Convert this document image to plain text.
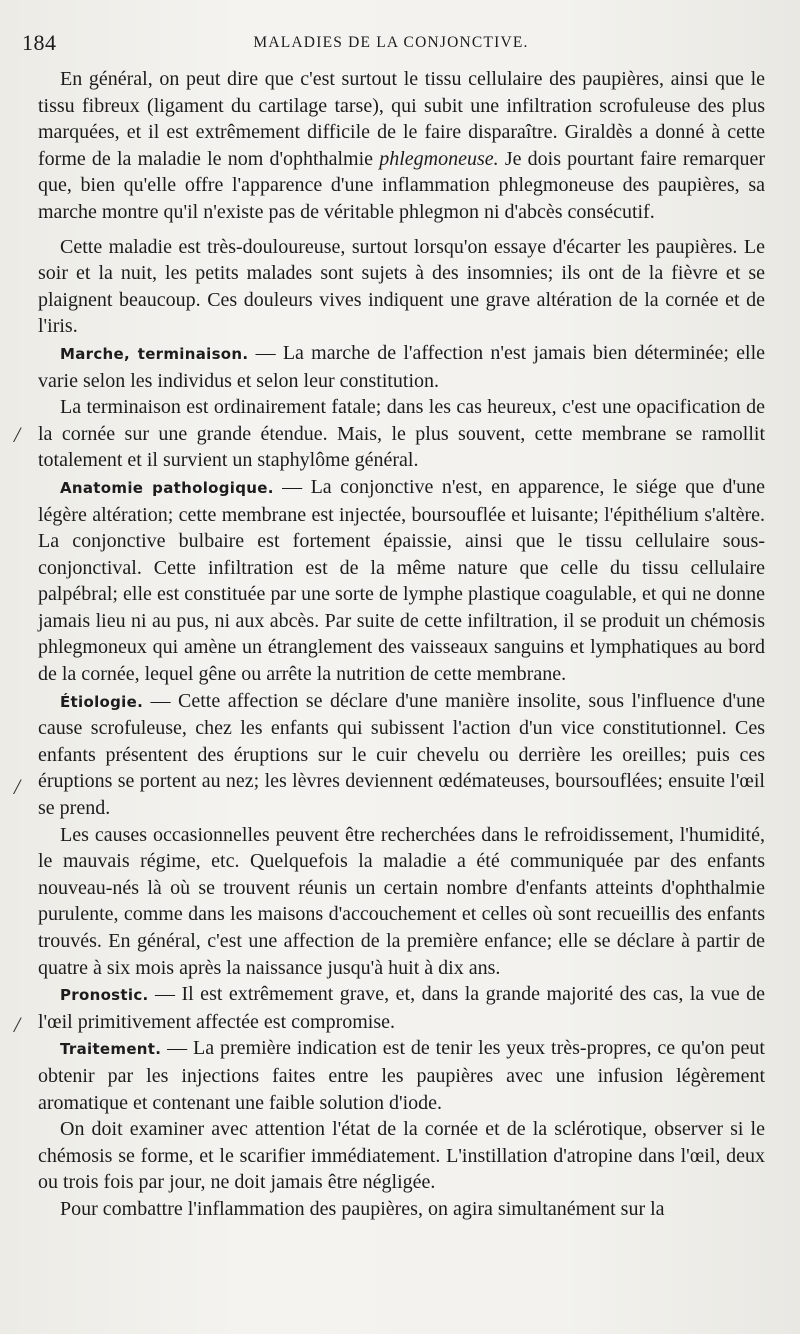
184	MALADIES DE LA CONJONCTIVE.
/
/
/

En général, on peut dire que c'est surtout le tissu cellulaire des paupières, ainsi que le tissu fibreux (ligament du cartilage tarse), qui subit une infiltration scrofuleuse des plus marquées, et il est extrêmement difficile de le faire disparaître. Giraldès a donné à cette forme de la maladie le nom d'ophthalmie phlegmoneuse. Je dois pourtant faire remarquer que, bien qu'elle offre l'apparence d'une inflammation phlegmoneuse des paupières, sa marche montre qu'il n'existe pas de véritable phlegmon ni d'abcès consécutif.

Cette maladie est très-douloureuse, surtout lorsqu'on essaye d'écarter les paupières. Le soir et la nuit, les petits malades sont sujets à des insomnies; ils ont de la fièvre et se plaignent beaucoup. Ces douleurs vives indiquent une grave altération de la cornée et de l'iris.

Marche, terminaison. — La marche de l'affection n'est jamais bien déterminée; elle varie selon les individus et selon leur constitution.

La terminaison est ordinairement fatale; dans les cas heureux, c'est une opacification de la cornée sur une grande étendue. Mais, le plus souvent, cette membrane se ramollit totalement et il survient un staphylôme général.

Anatomie pathologique. — La conjonctive n'est, en apparence, le siége que d'une légère altération; cette membrane est injectée, boursouflée et luisante; l'épithélium s'altère. La conjonctive bulbaire est fortement épaissie, ainsi que le tissu cellulaire sous-conjonctival. Cette infiltration est de la même nature que celle du tissu cellulaire palpébral; elle est constituée par une sorte de lymphe plastique coagulable, et qui ne donne jamais lieu ni au pus, ni aux abcès. Par suite de cette infiltration, il se produit un chémosis phlegmoneux qui amène un étranglement des vaisseaux sanguins et lymphatiques au bord de la cornée, lequel gêne ou arrête la nutrition de cette membrane.

Étiologie. — Cette affection se déclare d'une manière insolite, sous l'influence d'une cause scrofuleuse, chez les enfants qui subissent l'action d'un vice constitutionnel. Ces enfants présentent des éruptions sur le cuir chevelu ou derrière les oreilles; puis ces éruptions se portent au nez; les lèvres deviennent œdémateuses, boursouflées; ensuite l'œil se prend.

Les causes occasionnelles peuvent être recherchées dans le refroidissement, l'humidité, le mauvais régime, etc. Quelquefois la maladie a été communiquée par des enfants nouveau-nés là où se trouvent réunis un certain nombre d'enfants atteints d'ophthalmie purulente, comme dans les maisons d'accouchement et celles où sont recueillis des enfants trouvés. En général, c'est une affection de la première enfance; elle se déclare à partir de quatre à six mois après la naissance jusqu'à huit à dix ans.

Pronostic. — Il est extrêmement grave, et, dans la grande majorité des cas, la vue de l'œil primitivement affectée est compromise.

Traitement. — La première indication est de tenir les yeux très-propres, ce qu'on peut obtenir par les injections faites entre les paupières avec une infusion légèrement aromatique et contenant une faible solution d'iode.

On doit examiner avec attention l'état de la cornée et de la sclérotique, observer si le chémosis se forme, et le scarifier immédiatement. L'instillation d'atropine dans l'œil, deux ou trois fois par jour, ne doit jamais être négligée.

Pour combattre l'inflammation des paupières, on agira simultanément sur la
